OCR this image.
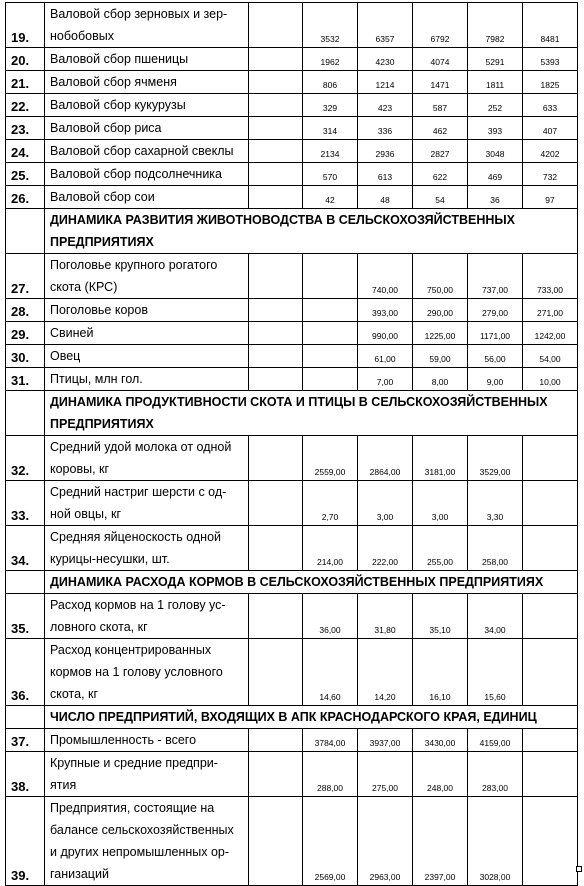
19.	Валовой сбор зерновых и зер-
нобобовых		3532	6357	6792	7982	8481
20.	Валовой сбор пшеницы		1962	4230	4074	5291	5393
21.	Валовой сбор ячменя		806	1214	1471	1811	1825
22.	Валовой сбор кукурузы		329	423	587	252	633
23.	Валовой сбор риса		314	336	462	393	407
24.	Валовой сбор сахарной свеклы		2134	2936	2827	3048	4202
25.	Валовой сбор подсолнечника		570	613	622	469	732
26.	Валовой сбор сои		42	48	54	36	97

	ДИНАМИКА РАЗВИТИЯ ЖИВОТНОВОДСТВА В СЕЛЬСКОХОЗЯЙСТВЕННЫХ
ПРЕДПРИЯТИЯХ						

27.	Поголовье крупного рогатого
скота (КРС)			740,00	750,00	737,00	733,00
28.	Поголовье коров			393,00	290,00	279,00	271,00
29.	Свиней			990,00	1225,00	1171,00	1242,00
30.	Овец			61,00	59,00	56,00	54,00
31.	Птицы, млн гол.			7,00	8,00	9,00	10,00

	ДИНАМИКА ПРОДУКТИВНОСТИ СКОТА И ПТИЦЫ В СЕЛЬСКОХОЗЯЙСТВЕННЫХ
ПРЕДПРИЯТИЯХ						

32.	Средний удой молока от одной
коровы, кг		2559,00	2864,00	3181,00	3529,00	
33.	Средний настриг шерсти с од-
ной овцы, кг		2,70	3,00	3,00	3,30	
34.	Средняя яйценоскость одной
курицы-несушки, шт.		214,00	222,00	255,00	258,00	

	ДИНАМИКА РАСХОДА КОРМОВ В СЕЛЬСКОХОЗЯЙСТВЕННЫХ ПРЕДПРИЯТИЯХ						

35.	Расход кормов на 1 голову ус-
ловного скота, кг		36,00	31,80	35,10	34,00	
36.	Расход концентрированных
кормов на 1 голову условного
скота, кг		14,60	14,20	16,10	15,60	

	ЧИСЛО ПРЕДПРИЯТИЙ, ВХОДЯЩИХ В АПК КРАСНОДАРСКОГО КРАЯ, ЕДИНИЦ						

37.	Промышленность - всего		3784,00	3937,00	3430,00	4159,00	
38.	Крупные и средние предпри-
ятия		288,00	275,00	248,00	283,00	
39.	Предприятия, состоящие на
балансе сельскохозяйственных
и других непромышленных ор-
ганизаций		2569,00	2963,00	2397,00	3028,00	
